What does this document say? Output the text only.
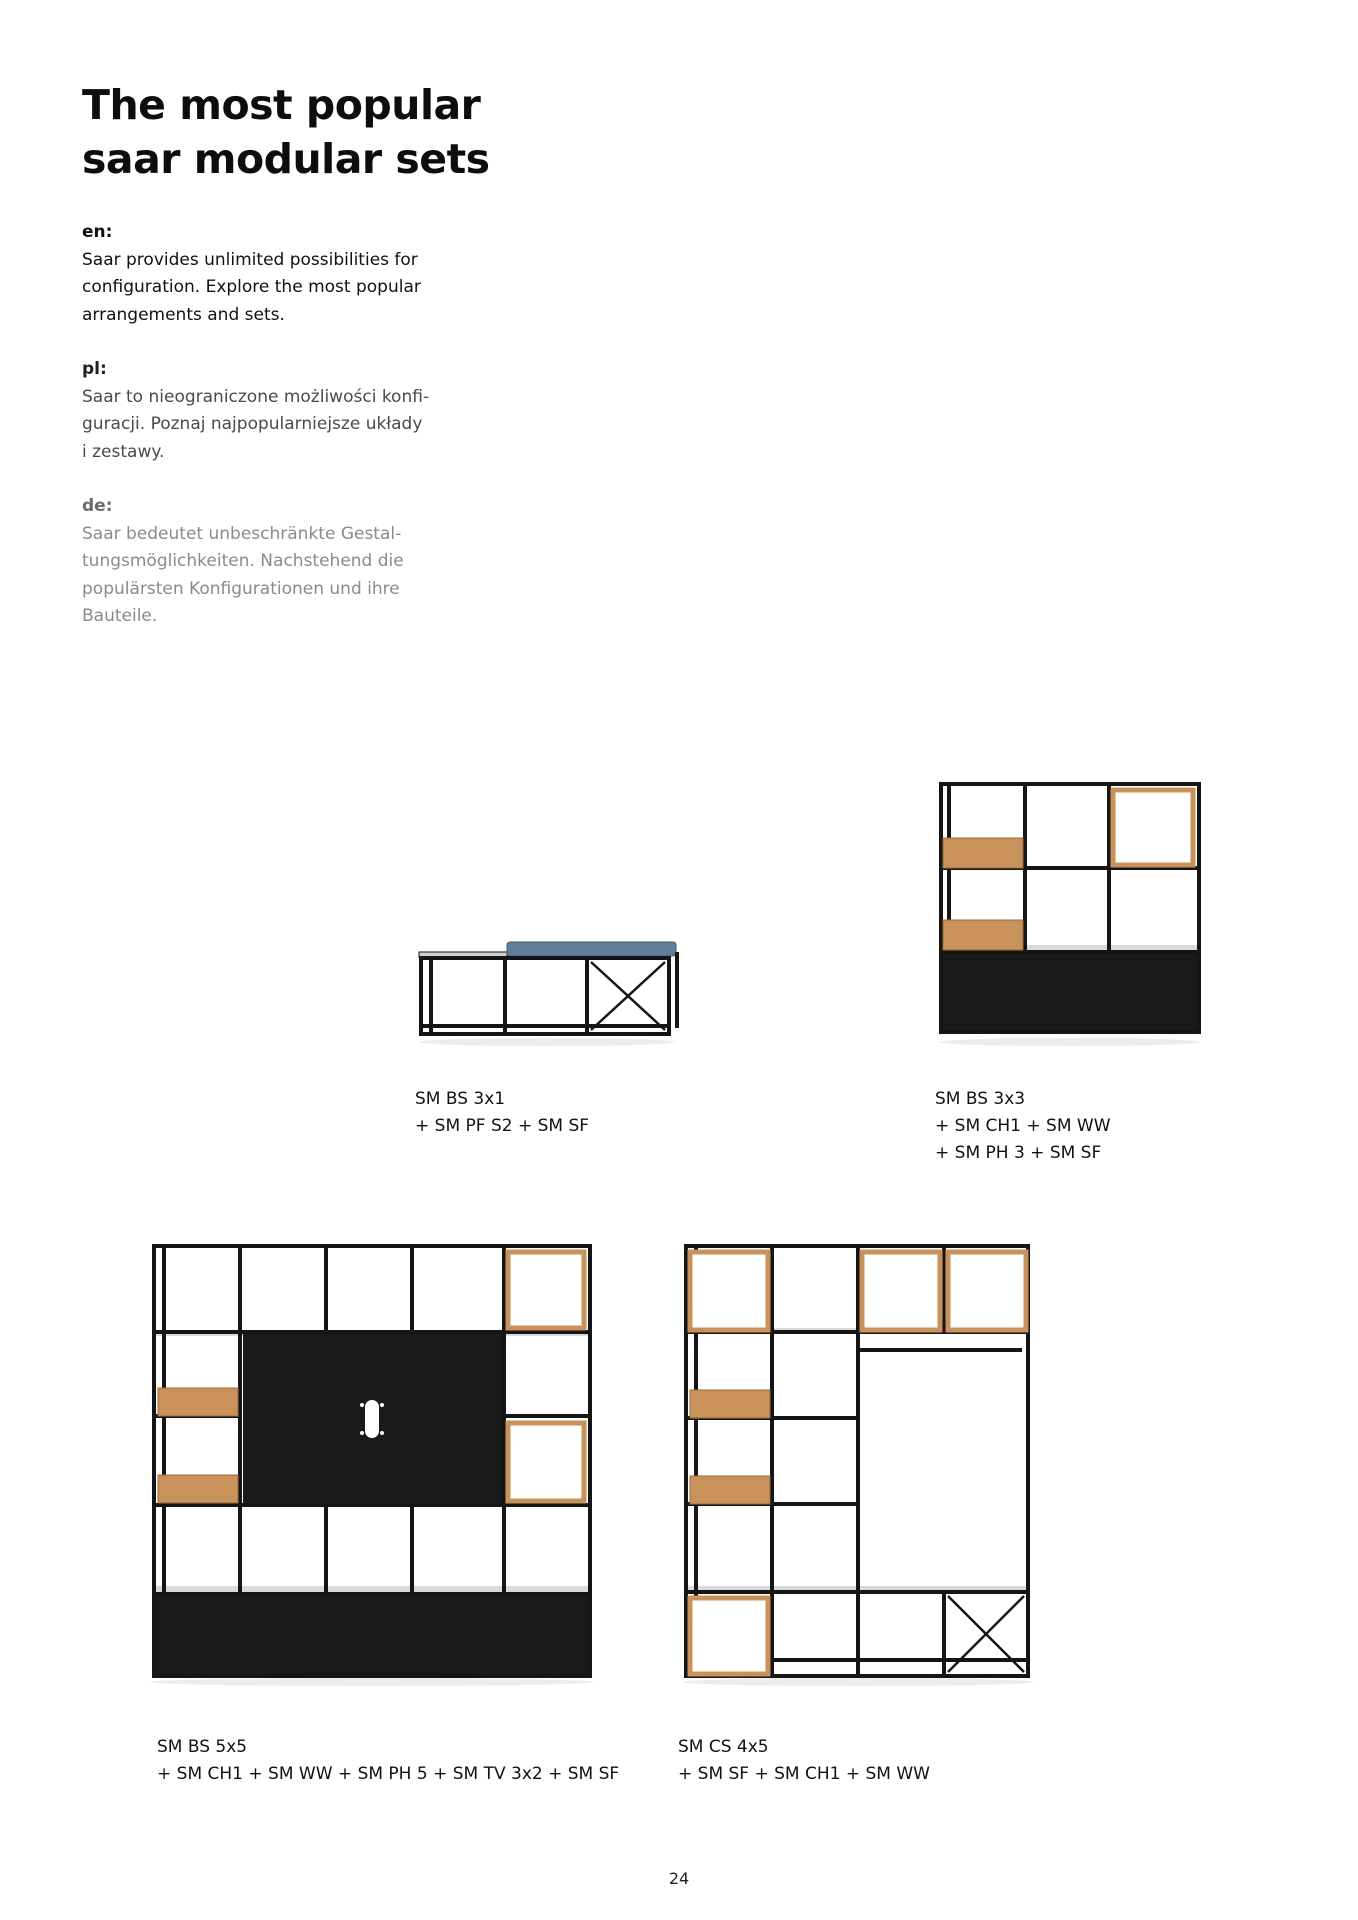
The most popular
saar modular sets
en:
Saar provides unlimited possibilities for
configuration. Explore the most popular
arrangements and sets.
pl:
Saar to nieograniczone możliwości konfi-
guracji. Poznaj najpopularniejsze układy
i zestawy.
de:
Saar bedeutet unbeschränkte Gestal-
tungsmöglichkeiten. Nachstehend die
populärsten Konfigurationen und ihre
Bauteile.
SM BS 3x1
+ SM PF S2 + SM SF
SM BS 3x3
+ SM CH1 + SM WW
+ SM PH 3 + SM SF
SM BS 5x5
+ SM CH1 + SM WW + SM PH 5 + SM TV 3x2 + SM SF
SM CS 4x5
+ SM SF + SM CH1 + SM WW
24
